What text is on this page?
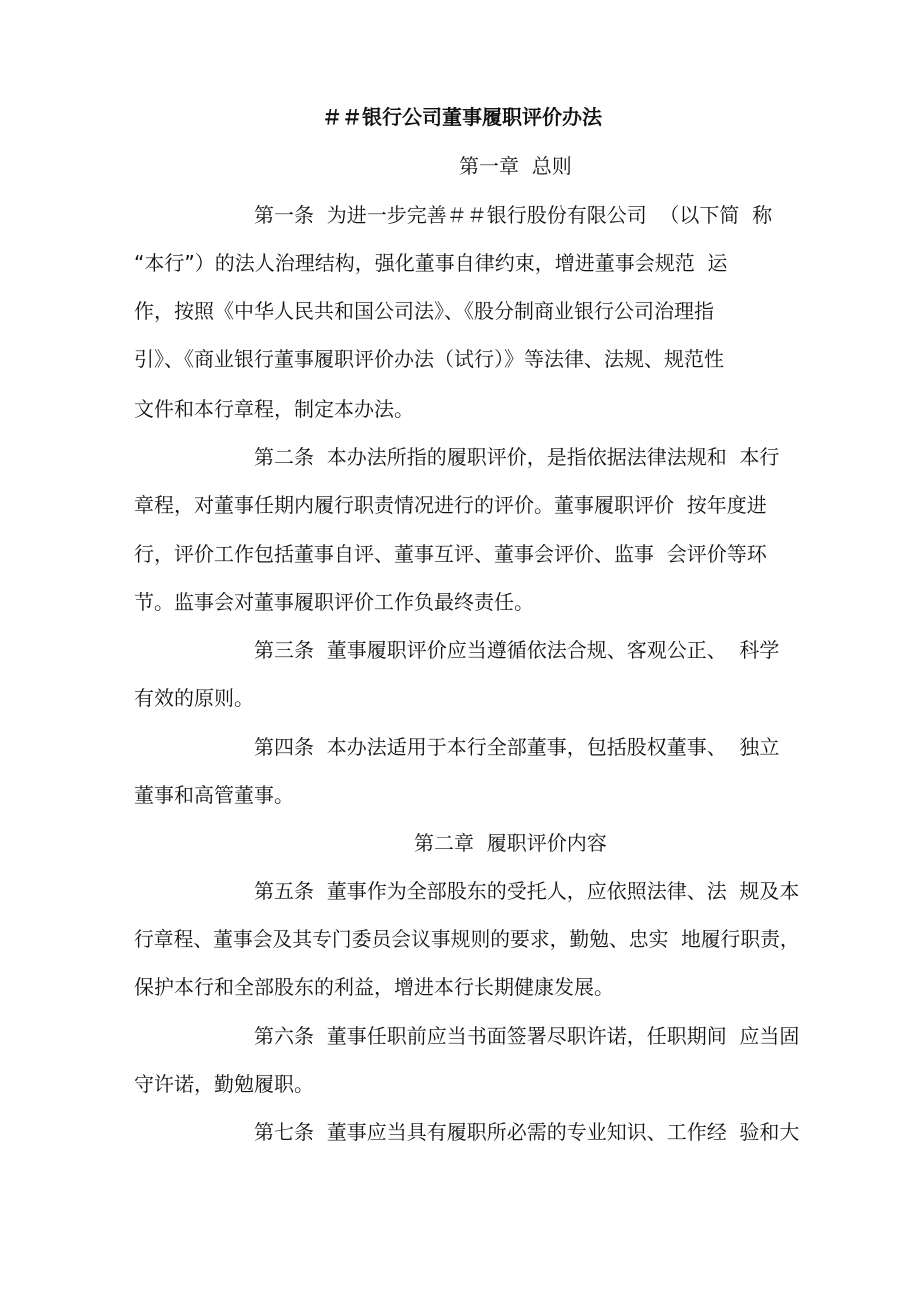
＃＃银行公司董事履职评价办法
第一章  总则
第一条  为进一步完善＃＃银行股份有限公司  （以下简  称
“本行”）的法人治理结构，强化董事自律约束，增进董事会规范  运
作，按照《中华人民共和国公司法》、《股分制商业银行公司治理指
引》、《商业银行董事履职评价办法（试行）》等法律、法规、规范性
文件和本行章程，制定本办法。
第二条  本办法所指的履职评价，是指依据法律法规和  本行
章程，对董事任期内履行职责情况进行的评价。董事履职评价  按年度进
行，评价工作包括董事自评、董事互评、董事会评价、监事  会评价等环
节。监事会对董事履职评价工作负最终责任。
第三条  董事履职评价应当遵循依法合规、客观公正、  科学
有效的原则。
第四条  本办法适用于本行全部董事，包括股权董事、  独立
董事和高管董事。
第二章  履职评价内容
第五条  董事作为全部股东的受托人，应依照法律、法  规及本
行章程、董事会及其专门委员会议事规则的要求，勤勉、忠实  地履行职责，
保护本行和全部股东的利益，增进本行长期健康发展。
第六条  董事任职前应当书面签署尽职许诺，任职期间  应当固
守许诺，勤勉履职。
第七条  董事应当具有履职所必需的专业知识、工作经  验和大
